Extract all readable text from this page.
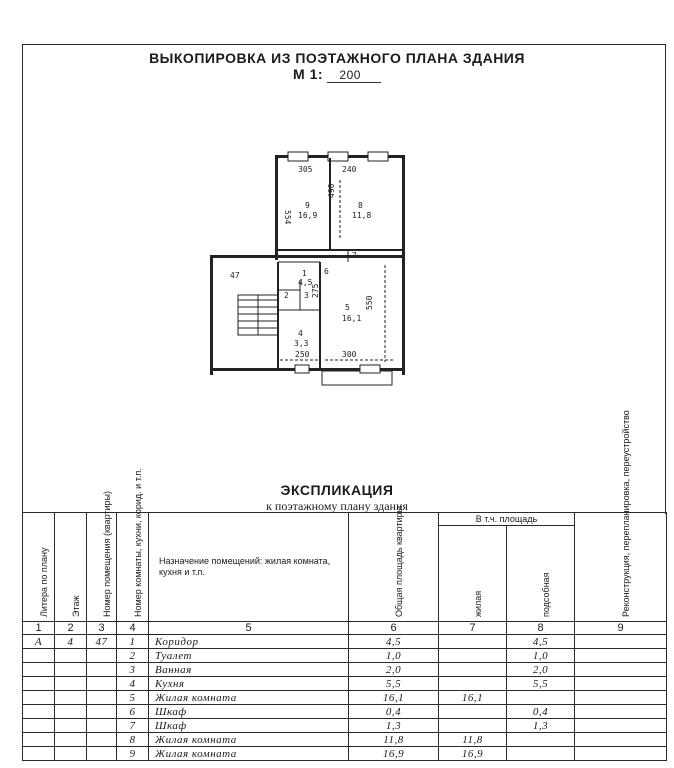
ВЫКОПИРОВКА ИЗ ПОЭТАЖНОГО ПЛАНА ЗДАНИЯ
М 1: 200
305	240
554
490
47
275
550
250	300
9
16,9
8
11,8
7
1
4,5
6
2 3
5
16,1
4
3,3
ЭКСПЛИКАЦИЯ
к поэтажному плану здания
Литера по плану	Этаж	Номер помещения (квартиры)	Номер комнаты, кухни, корид. и т.п.	Назначение помещений: жилая комната, кухня и т.п.	Общая площадь квартиры	В т.ч. площадь		Реконструкция, перепланировка, переустройство

						жилая	подсобная	

1	2	3	4	5	6	7	8	9
А	4	47	1	Коридор	4,5		4,5	
			2	Туалет	1,0		1,0	
			3	Ванная	2,0		2,0	
			4	Кухня	5,5		5,5	
			5	Жилая комната	16,1	16,1		
			6	Шкаф	0,4		0,4	
			7	Шкаф	1,3		1,3	
			8	Жилая комната	11,8	11,8		
			9	Жилая комната	16,9	16,9		
